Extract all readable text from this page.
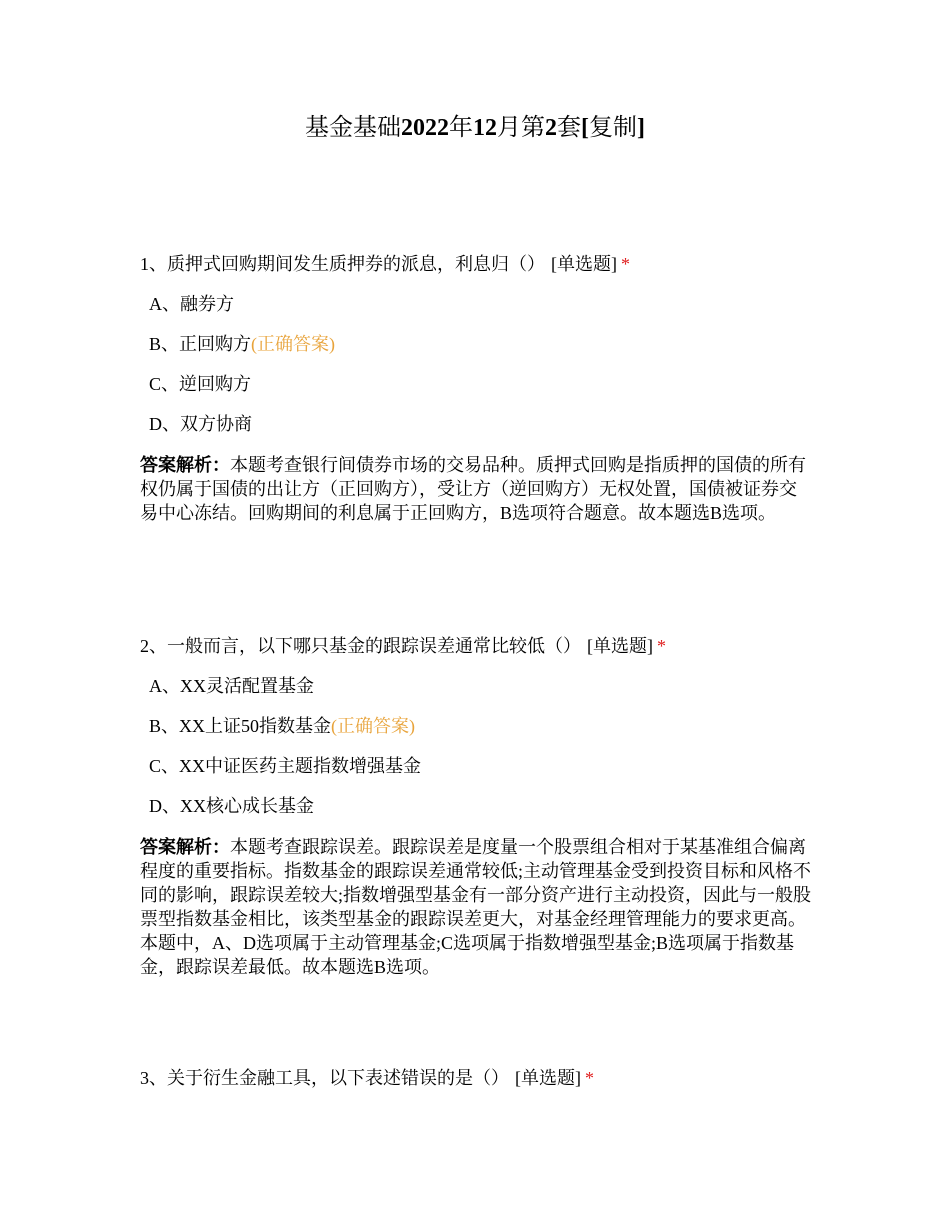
基金基础2022年12月第2套[复制]
1、质押式回购期间发生质押券的派息，利息归（） [单选题] *
A、融券方
B、正回购方(正确答案)
C、逆回购方
D、双方协商
答案解析：本题考查银行间债券市场的交易品种。质押式回购是指质押的国债的所有权仍属于国债的出让方（正回购方），受让方（逆回购方）无权处置，国债被证券交易中心冻结。回购期间的利息属于正回购方，B选项符合题意。故本题选B选项。
2、一般而言，以下哪只基金的跟踪误差通常比较低（） [单选题] *
A、XX灵活配置基金
B、XX上证50指数基金(正确答案)
C、XX中证医药主题指数增强基金
D、XX核心成长基金
答案解析：本题考查跟踪误差。跟踪误差是度量一个股票组合相对于某基准组合偏离程度的重要指标。指数基金的跟踪误差通常较低;主动管理基金受到投资目标和风格不同的影响，跟踪误差较大;指数增强型基金有一部分资产进行主动投资，因此与一般股票型指数基金相比，该类型基金的跟踪误差更大，对基金经理管理能力的要求更高。本题中，A、D选项属于主动管理基金;C选项属于指数增强型基金;B选项属于指数基金，跟踪误差最低。故本题选B选项。
3、关于衍生金融工具，以下表述错误的是（） [单选题] *
